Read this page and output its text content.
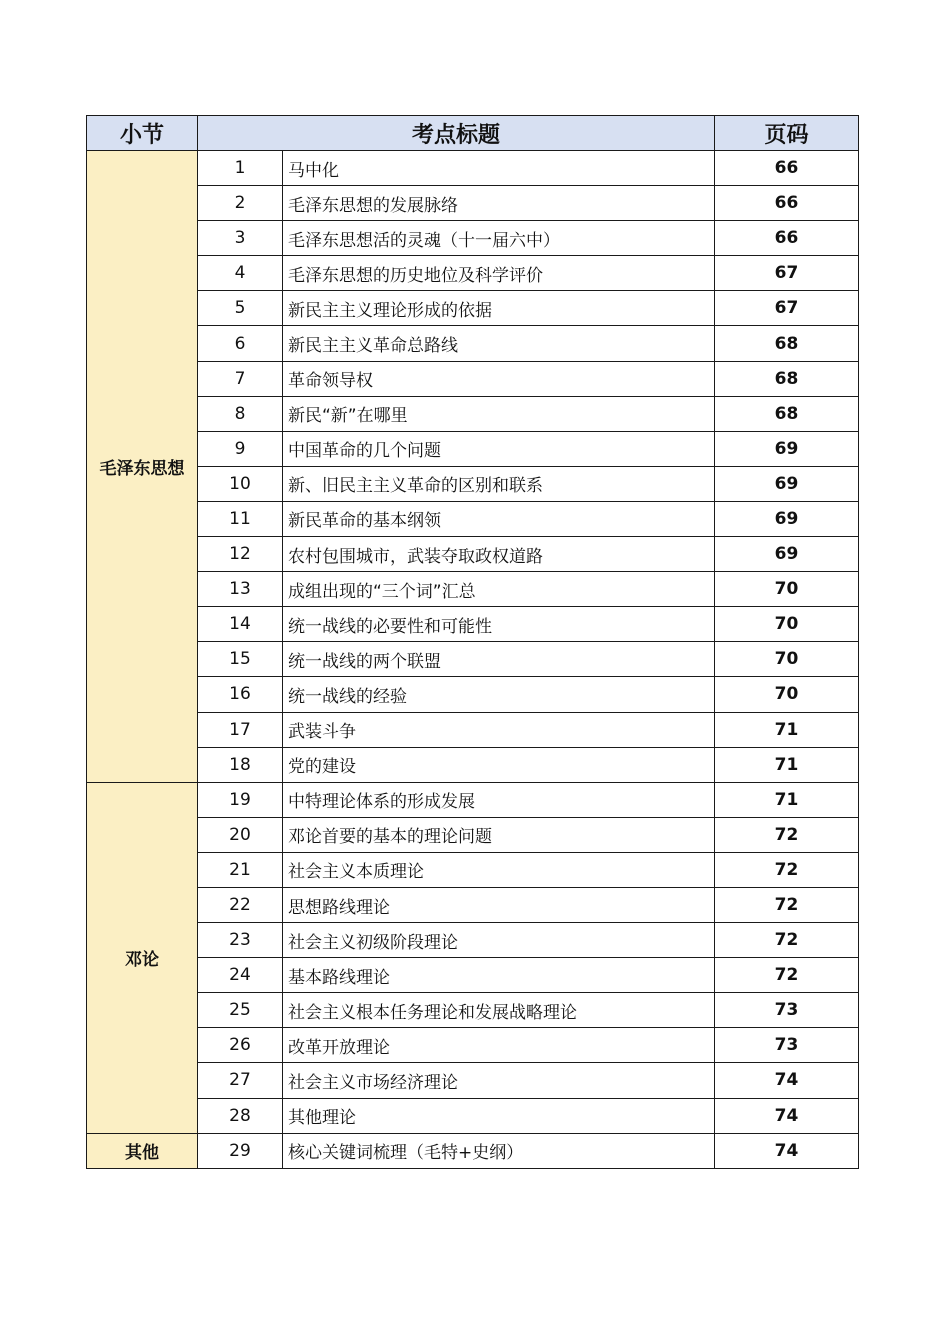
小节	考点标题		页码
毛泽东思想	1	马中化	66
	2	毛泽东思想的发展脉络	66
	3	毛泽东思想活的灵魂（十一届六中）	66
	4	毛泽东思想的历史地位及科学评价	67
	5	新民主主义理论形成的依据	67
	6	新民主主义革命总路线	68
	7	革命领导权	68
	8	新民“新”在哪里	68
	9	中国革命的几个问题	69
	10	新、旧民主主义革命的区别和联系	69
	11	新民革命的基本纲领	69
	12	农村包围城市，武装夺取政权道路	69
	13	成组出现的“三个词”汇总	70
	14	统一战线的必要性和可能性	70
	15	统一战线的两个联盟	70
	16	统一战线的经验	70
	17	武装斗争	71
	18	党的建设	71
邓论	19	中特理论体系的形成发展	71
	20	邓论首要的基本的理论问题	72
	21	社会主义本质理论	72
	22	思想路线理论	72
	23	社会主义初级阶段理论	72
	24	基本路线理论	72
	25	社会主义根本任务理论和发展战略理论	73
	26	改革开放理论	73
	27	社会主义市场经济理论	74
	28	其他理论	74
其他	29	核心关键词梳理（毛特+史纲）	74
